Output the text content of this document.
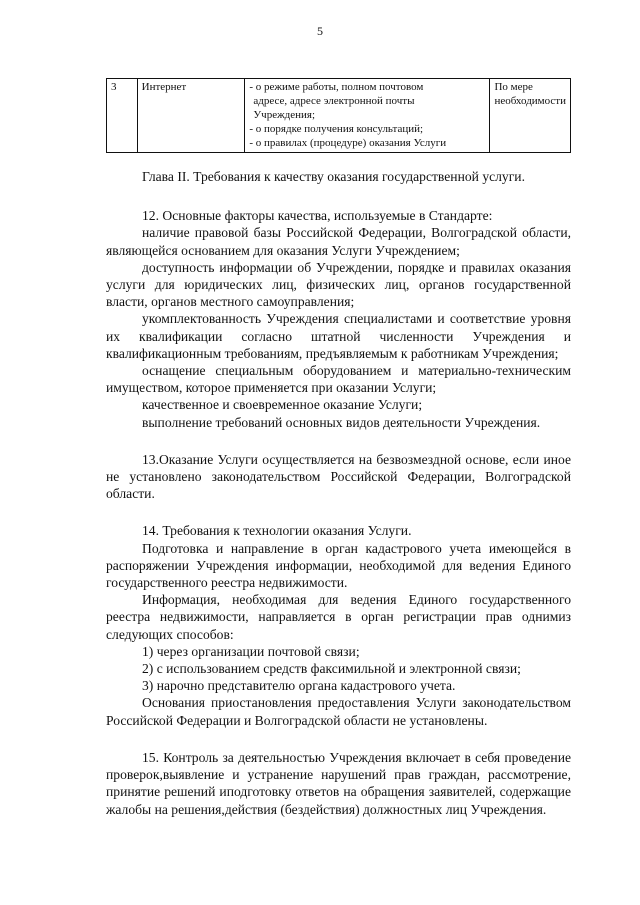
5
3	Интернет	- о режиме работы, полном почтовом
адресе, адресе электронной почты
Учреждения;
- о порядке получения консультаций;
- о правилах (процедуре) оказания Услуги
	По мере необходимости

Глава II. Требования к качеству оказания государственной услуги.

12. Основные факторы качества, используемые в Стандарте:

наличие правовой базы Российской Федерации, Волгоградской области, являющейся основанием для оказания Услуги Учреждением;

доступность информации об Учреждении, порядке и правилах оказания услуги для юридических лиц, физических лиц, органов государственной власти, органов местного самоуправления;

укомплектованность Учреждения специалистами и соответствие уровня их квалификации согласно штатной численности Учреждения и квалификационным требованиям, предъявляемым к работникам Учреждения;

оснащение специальным оборудованием и материально-техническим имуществом, которое применяется при оказании Услуги;

качественное и своевременное оказание Услуги;

выполнение требований основных видов деятельности Учреждения.

13.Оказание Услуги осуществляется на безвозмездной основе, если иное не установлено законодательством Российской Федерации, Волгоградской области.

14. Требования к технологии оказания Услуги.

Подготовка и направление в орган кадастрового учета имеющейся в распоряжении Учреждения информации, необходимой для ведения Единого государственного реестра недвижимости.

Информация, необходимая для ведения Единого государственного реестра недвижимости, направляется в орган регистрации прав однимиз следующих способов:

1) через организации почтовой связи;

2) с использованием средств факсимильной и электронной связи;

3) нарочно представителю органа кадастрового учета.

Основания приостановления предоставления Услуги законодательством Российской Федерации и Волгоградской области не установлены.

15. Контроль за деятельностью Учреждения включает в себя проведение проверок,выявление и устранение нарушений прав граждан, рассмотрение, принятие решений иподготовку ответов на обращения заявителей, содержащие жалобы на решения,действия (бездействия) должностных лиц Учреждения.
